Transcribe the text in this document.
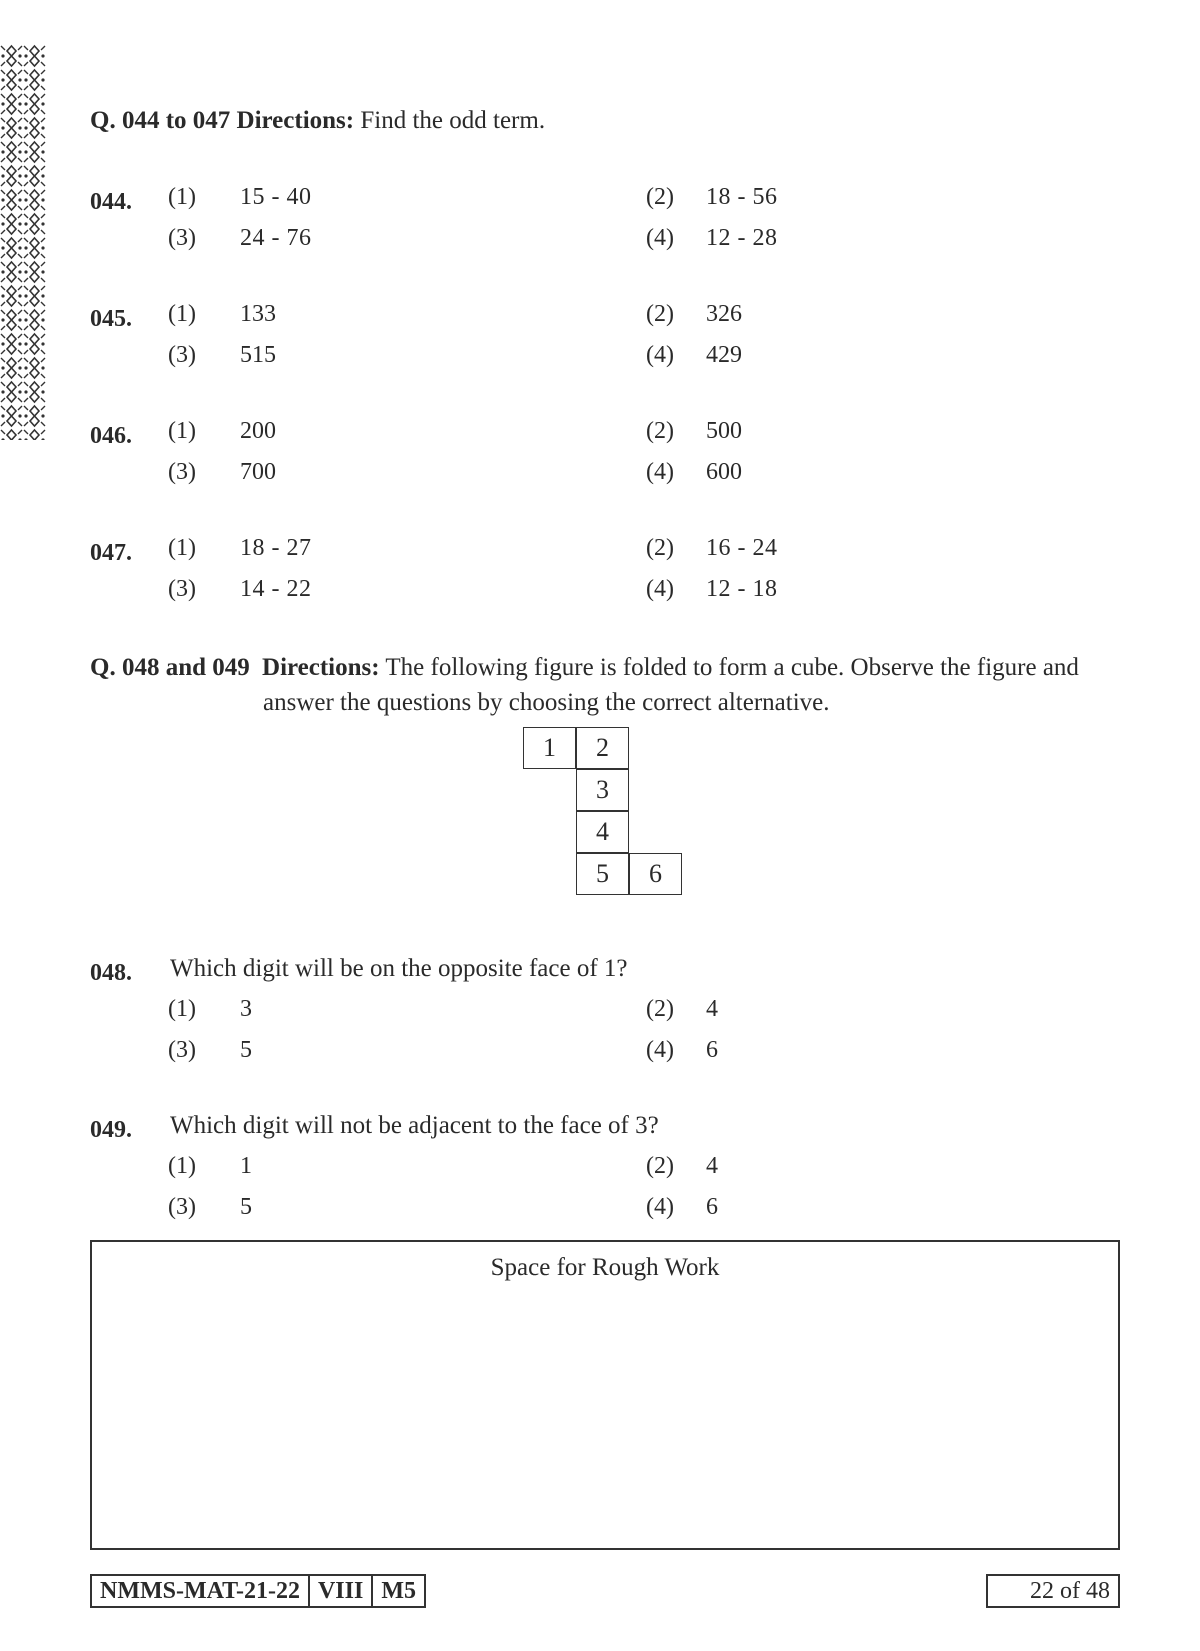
Q. 044 to 047 Directions: Find the odd term.
044. (1) 15 - 40	(2) 18 - 56
(3) 24 - 76	(4) 12 - 28
045. (1) 133	(2) 326
(3) 515	(4) 429
046. (1) 200	(2) 500
(3) 700	(4) 600
047. (1) 18 - 27	(2) 16 - 24
(3) 14 - 22	(4) 12 - 18
Q. 048 and 049 Directions: The following figure is folded to form a cube. Observe the figure and
answer the questions by choosing the correct alternative.
1	2
3
4
5	6
048. Which digit will be on the opposite face of 1?
(1) 3	(2) 4
(3) 5	(4) 6
049. Which digit will not be adjacent to the face of 3?
(1) 1	(2) 4
(3) 5	(4) 6
Space for Rough Work
NMMS-MAT-21-22 VIII M5	22 of 48
